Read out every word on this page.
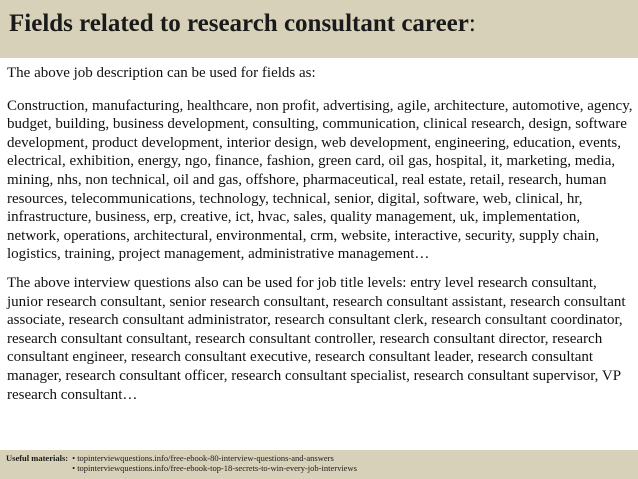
Fields related to research consultant career:

The above job description can be used for fields as:

Construction, manufacturing, healthcare, non profit, advertising, agile, architecture, automotive, agency, budget, building, business development, consulting, communication, clinical research, design, software development, product development, interior design, web development, engineering, education, events, electrical, exhibition, energy, ngo, finance, fashion, green card, oil gas, hospital, it, marketing, media, mining, nhs, non technical, oil and gas, offshore, pharmaceutical, real estate, retail, research, human resources, telecommunications, technology, technical, senior, digital, software, web, clinical, hr, infrastructure, business, erp, creative, ict, hvac, sales, quality management, uk, implementation, network, operations, architectural, environmental, crm, website, interactive, security, supply chain, logistics, training, project management, administrative management…

The above interview questions also can be used for job title levels: entry level research consultant, junior research consultant, senior research consultant, research consultant assistant, research consultant associate, research consultant administrator, research consultant clerk, research consultant coordinator, research consultant consultant, research consultant controller, research consultant director, research consultant engineer, research consultant executive, research consultant leader, research consultant manager, research consultant officer, research consultant specialist, research consultant supervisor, VP research consultant…

Useful materials: • topinterviewquestions.info/free-ebook-80-interview-questions-and-answers
• topinterviewquestions.info/free-ebook-top-18-secrets-to-win-every-job-interviews
